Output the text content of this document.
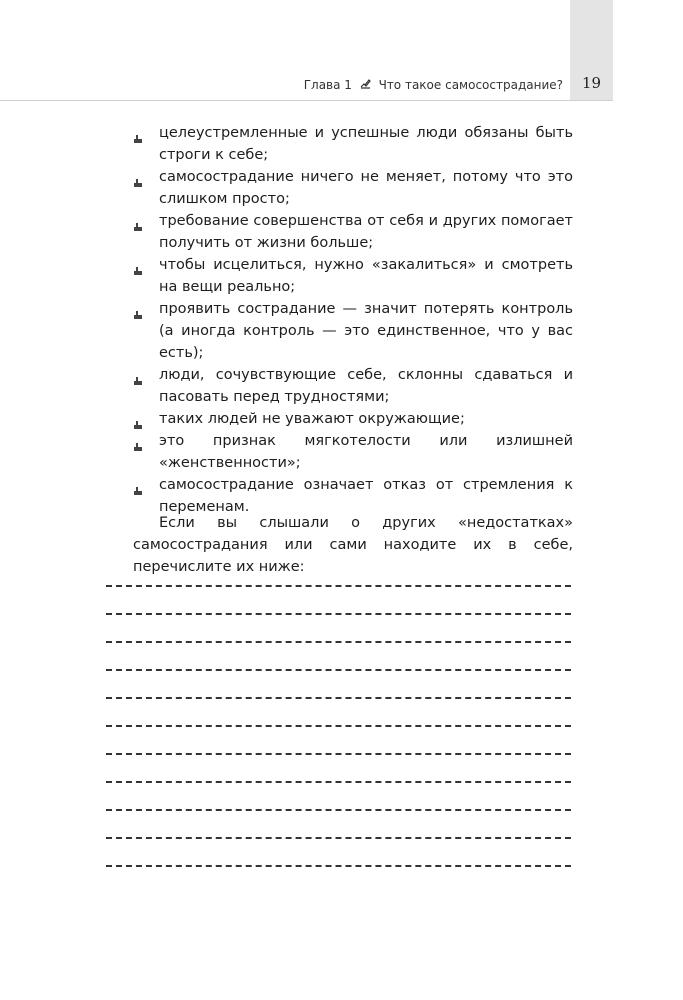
19
Глава 1 Что такое самосострадание?
целеустремленные и успешные люди обязаны быть строги к себе;
самосострадание ничего не меняет, потому что это слишком просто;
требование совершенства от себя и других помогает получить от жизни больше;
чтобы исцелиться, нужно «закалиться» и смотреть на вещи реально;
проявить сострадание — значит потерять контроль (а иногда контроль — это единственное, что у вас есть);
люди, сочувствующие себе, склонны сдаваться и пасовать перед трудностями;
таких людей не уважают окружающие;
это признак мягкотелости или излишней «женственности»;
самосострадание означает отказ от стремления к переменам.

Если вы слышали о других «недостатках» самосострадания или сами находите их в себе, перечислите их ниже:
